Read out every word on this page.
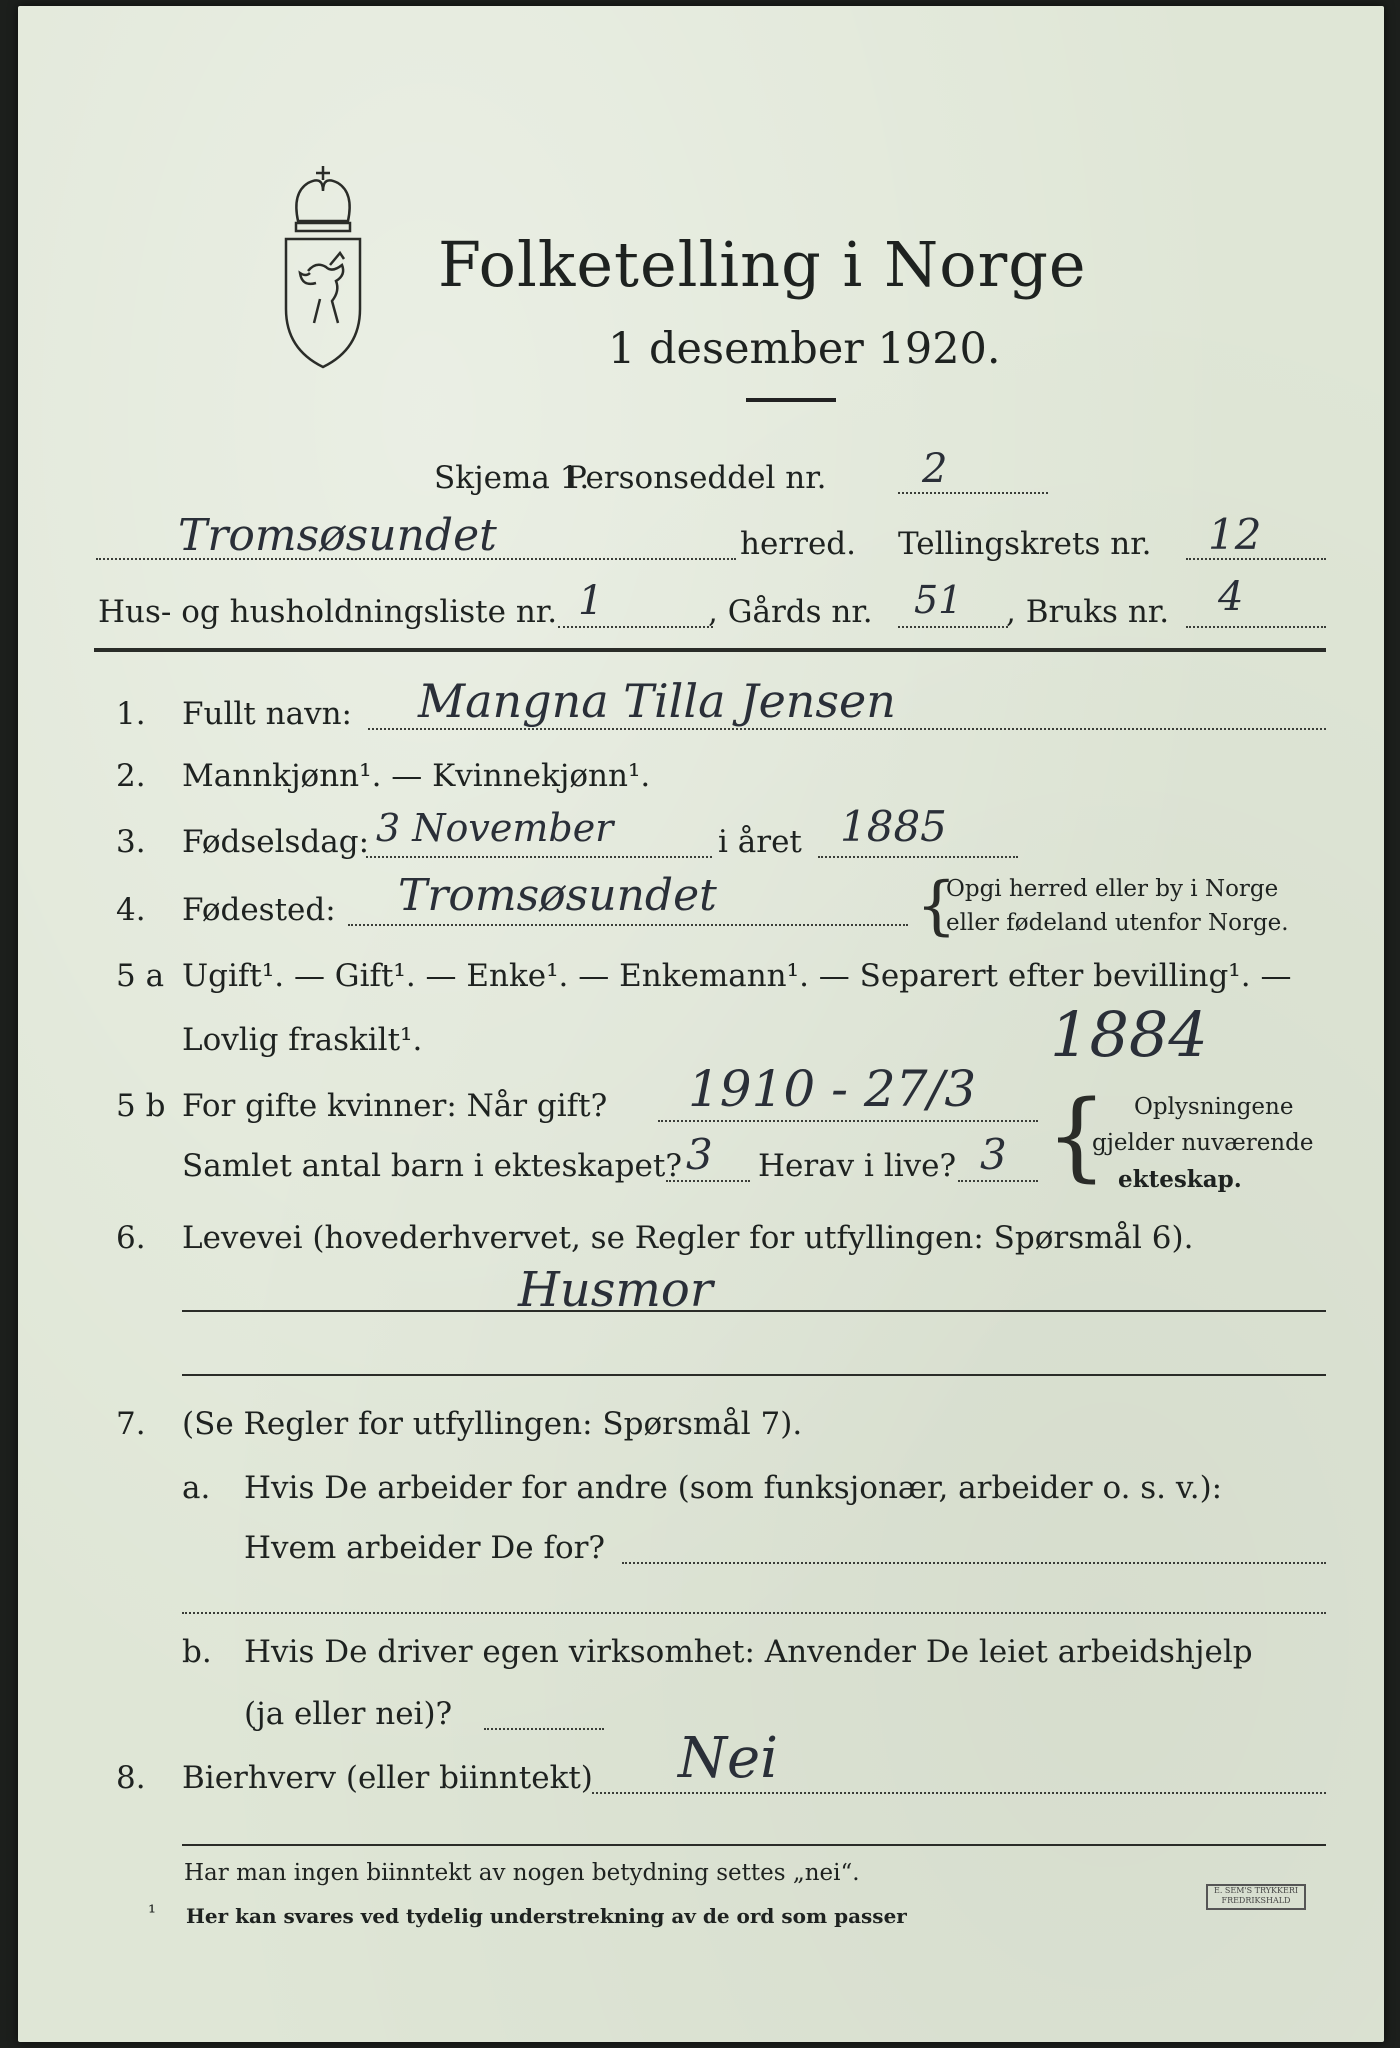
Folketelling i Norge
1 desember 1920.
Skjema 1.
Personseddel nr. 2
Tromsøsundet	herred. Tellingskrets nr. 12
Hus- og husholdningsliste nr. 1	, Gårds nr. 51 , Bruks nr. 4
1. Fullt navn: Mangna Tilla Jensen
2. Mannkjønn¹. — Kvinnekjønn¹.
3. Fødselsdag: 3 November	i året 1885
4. Fødested: Tromsøsundet	{
Opgi herred eller by i Norge
eller fødeland utenfor Norge.
5 a Ugift¹. — Gift¹. — Enke¹. — Enkemann¹. — Separert efter bevilling¹. —
Lovlig fraskilt¹.	1884
5 b For gifte kvinner: Når gift? 1910 - 27/3
Samlet antal barn i ekteskapet? 3 Herav i live? 3 { Oplysningene
gjelder nuværende
ekteskap.
6. Levevei (hovederhvervet, se Regler for utfyllingen: Spørsmål 6).
Husmor
7. (Se Regler for utfyllingen: Spørsmål 7).
a. Hvis De arbeider for andre (som funksjonær, arbeider o. s. v.):
Hvem arbeider De for?
b. Hvis De driver egen virksomhet: Anvender De leiet arbeidshjelp
(ja eller nei)?
8. Bierhverv (eller biinntekt) Nei
Har man ingen biinntekt av nogen betydning settes „nei“.
¹ Her kan svares ved tydelig understrekning av de ord som passer
E. SEM'S TRYKKERI FREDRIKSHALD
